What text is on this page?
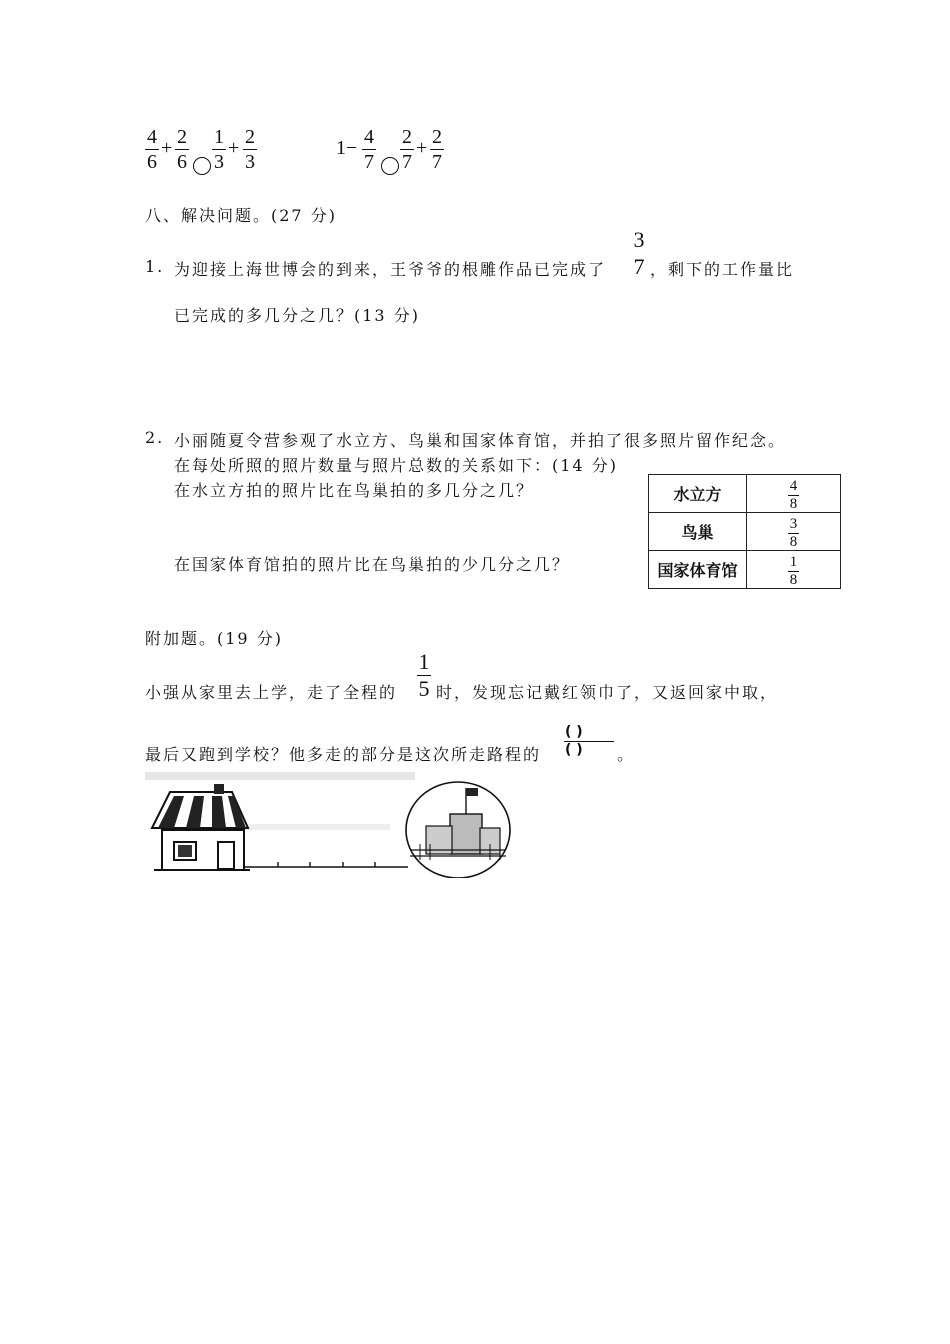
4
6
+ 2
6
1
3
+ 2
3
1− 4
7
2
7
+ 2
7
八、解决问题。(27 分)
1. 为迎接上海世博会的到来，王爷爷的根雕作品已完成了
3
7 ，剩下的工作量比
已完成的多几分之几？(13 分)
2. 小丽随夏令营参观了水立方、鸟巢和国家体育馆，并拍了很多照片留作纪念。
在每处所照的照片数量与照片总数的关系如下：(14 分)
在水立方拍的照片比在鸟巢拍的多几分之几？
在国家体育馆拍的照片比在鸟巢拍的少几分之几？
水立方	$\frac{4}{8}$

鸟巢	$\frac{3}{8}$

国家体育馆	$\frac{1}{8}$
附加题。(19 分)
小强从家里去上学，走了全程的
1
5 时，发现忘记戴红领巾了，又返回家中取，
最后又跑到学校？他多走的部分是这次所走路程的
( )
( ) 。
